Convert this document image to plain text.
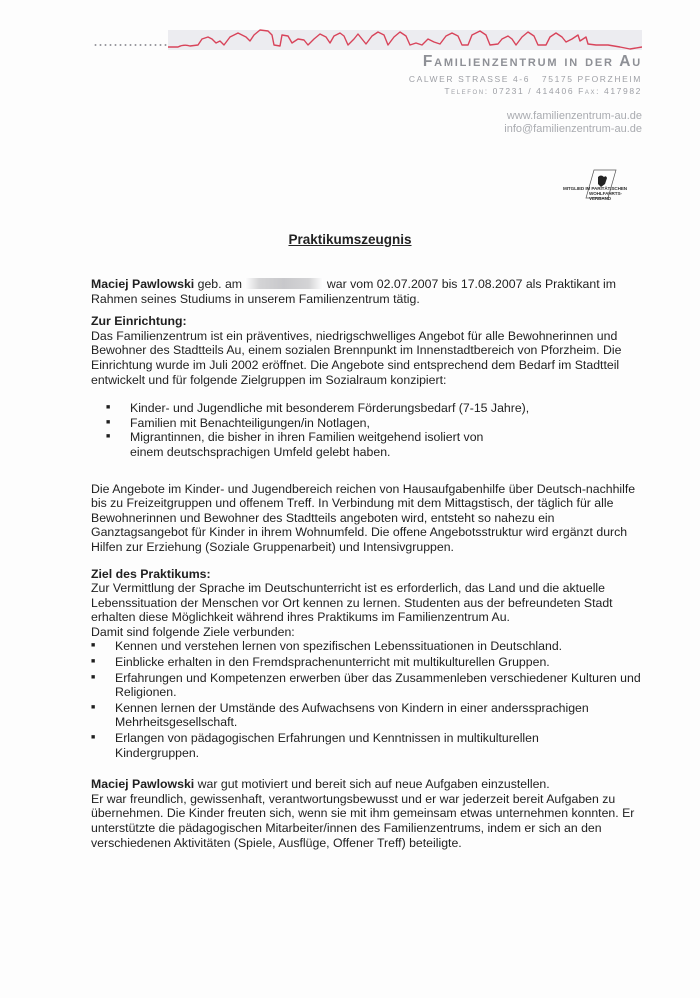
Familienzentrum in der Au
CALWER STRASSE 4-6   75175 PFORZHEIM
Telefon: 07231 / 414406 Fax: 417982
www.familienzentrum-au.de
info@familienzentrum-au.de
MITGLIED IM PARITÄTISCHEN
WOHLFAHRTS-
VERBAND
Praktikumszeugnis

Maciej Pawlowski geb. am	war vom 02.07.2007 bis 17.08.2007 als Praktikant im Rahmen seines Studiums in unserem Familienzentrum tätig.

Zur Einrichtung:

Das Familienzentrum ist ein präventives, niedrigschwelliges Angebot für alle Bewohnerinnen und Bewohner des Stadtteils Au, einem sozialen Brennpunkt im Innenstadtbereich von Pforzheim. Die Einrichtung wurde im Juli 2002 eröffnet. Die Angebote sind entsprechend dem Bedarf im Stadtteil entwickelt und für folgende Zielgruppen im Sozialraum konzipiert:

■ Kinder- und Jugendliche mit besonderem Förderungsbedarf (7-15 Jahre),
■ Familien mit Benachteiligungen/in Notlagen,
■ Migrantinnen, die bisher in ihren Familien weitgehend isoliert von einem deutschsprachigen Umfeld gelebt haben.

Die Angebote im Kinder- und Jugendbereich reichen von Hausaufgabenhilfe über Deutsch-nachhilfe bis zu Freizeitgruppen und offenem Treff. In Verbindung mit dem Mittagstisch, der täglich für alle Bewohnerinnen und Bewohner des Stadtteils angeboten wird, entsteht so nahezu ein Ganztagsangebot für Kinder in ihrem Wohnumfeld. Die offene Angebotsstruktur wird ergänzt durch Hilfen zur Erziehung (Soziale Gruppenarbeit) und Intensivgruppen.

Ziel des Praktikums:

Zur Vermittlung der Sprache im Deutschunterricht ist es erforderlich, das Land und die aktuelle Lebenssituation der Menschen vor Ort kennen zu lernen. Studenten aus der befreundeten Stadt erhalten diese Möglichkeit während ihres Praktikums im Familienzentrum Au.

Damit sind folgende Ziele verbunden:

■ Kennen und verstehen lernen von spezifischen Lebenssituationen in Deutschland.
■ Einblicke erhalten in den Fremdsprachenunterricht mit multikulturellen Gruppen.
■ Erfahrungen und Kompetenzen erwerben über das Zusammenleben verschiedener Kulturen und Religionen.
■ Kennen lernen der Umstände des Aufwachsens von Kindern in einer anderssprachigen Mehrheitsgesellschaft.
■ Erlangen von pädagogischen Erfahrungen und Kenntnissen in multikulturellen Kindergruppen.

Maciej Pawlowski war gut motiviert und bereit sich auf neue Aufgaben einzustellen.

Er war freundlich, gewissenhaft, verantwortungsbewusst und er war jederzeit bereit Aufgaben zu übernehmen. Die Kinder freuten sich, wenn sie mit ihm gemeinsam etwas unternehmen konnten. Er unterstützte die pädagogischen Mitarbeiter/innen des Familienzentrums, indem er sich an den verschiedenen Aktivitäten (Spiele, Ausflüge, Offener Treff) beteiligte.
